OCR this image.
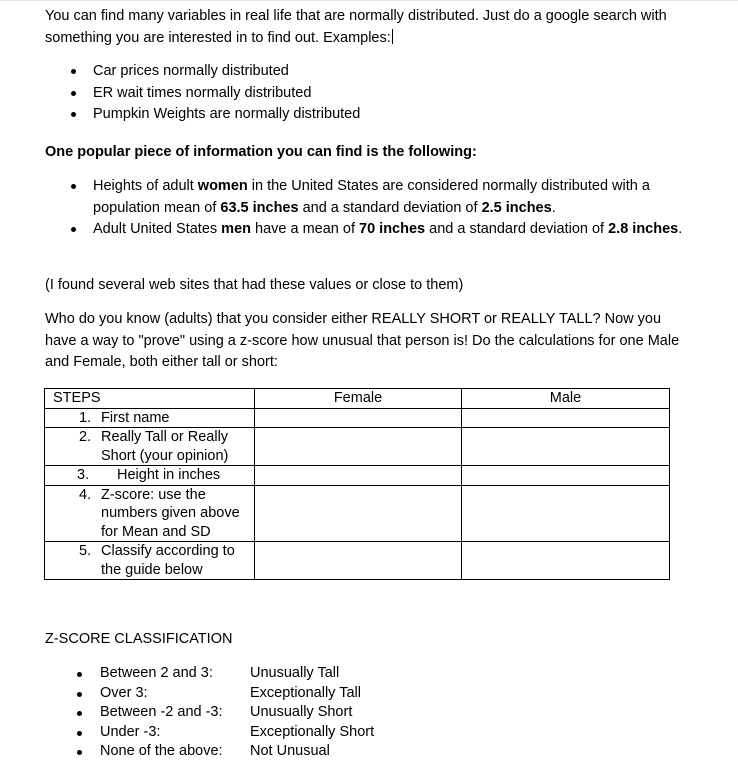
You can find many variables in real life that are normally distributed. Just do a google search with something you are interested in to find out. Examples:
Car prices normally distributed
ER wait times normally distributed
Pumpkin Weights are normally distributed
One popular piece of information you can find is the following:
Heights of adult women in the United States are considered normally distributed with a population mean of 63.5 inches and a standard deviation of 2.5 inches.
Adult United States men have a mean of 70 inches and a standard deviation of 2.8 inches.
(I found several web sites that had these values or close to them)
Who do you know (adults) that you consider either REALLY SHORT or REALLY TALL? Now you have a way to "prove" using a z-score how unusual that person is! Do the calculations for one Male and Female, both either tall or short:
STEPS	Female	Male

1. First name		

2. Really Tall or Really Short (your opinion)		

3. Height in inches		

4. Z-score: use the numbers given above for Mean and SD		

5. Classify according to the guide below		

Z-SCORE CLASSIFICATION
Between 2 and 3:	Unusually Tall
Over 3:	Exceptionally Tall
Between -2 and -3: Unusually Short
Under -3:	Exceptionally Short
None of the above: Not Unusual
